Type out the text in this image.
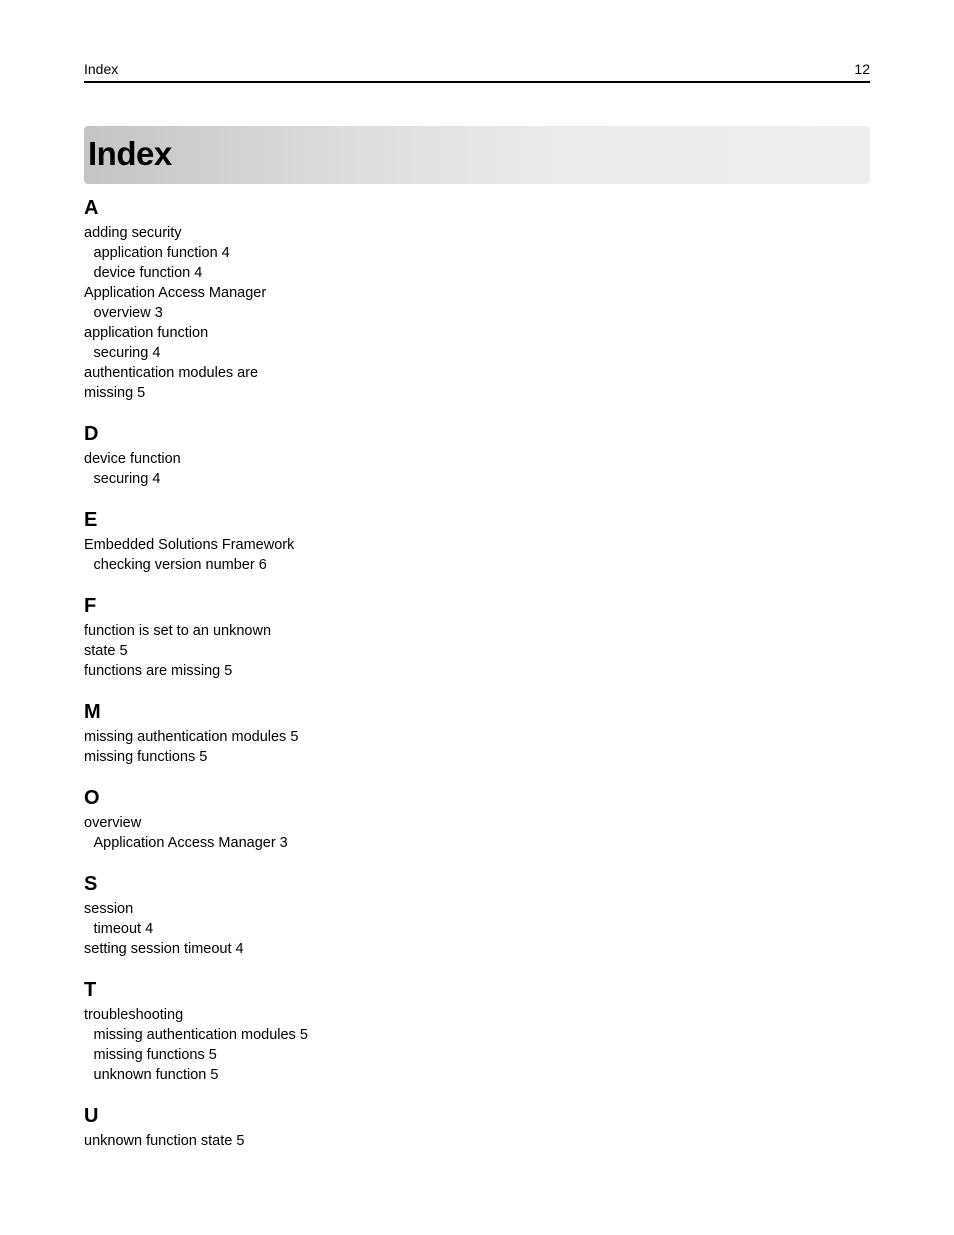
Index	12
Index
A
adding security
application function 4
device function 4
Application Access Manager
overview 3
application function
securing 4
authentication modules are
missing 5
D
device function
securing 4
E
Embedded Solutions Framework
checking version number 6
F
function is set to an unknown
state 5
functions are missing 5
M
missing authentication modules 5
missing functions 5
O
overview
Application Access Manager 3
S
session
timeout 4
setting session timeout 4
T
troubleshooting
missing authentication modules 5
missing functions 5
unknown function 5
U
unknown function state 5
